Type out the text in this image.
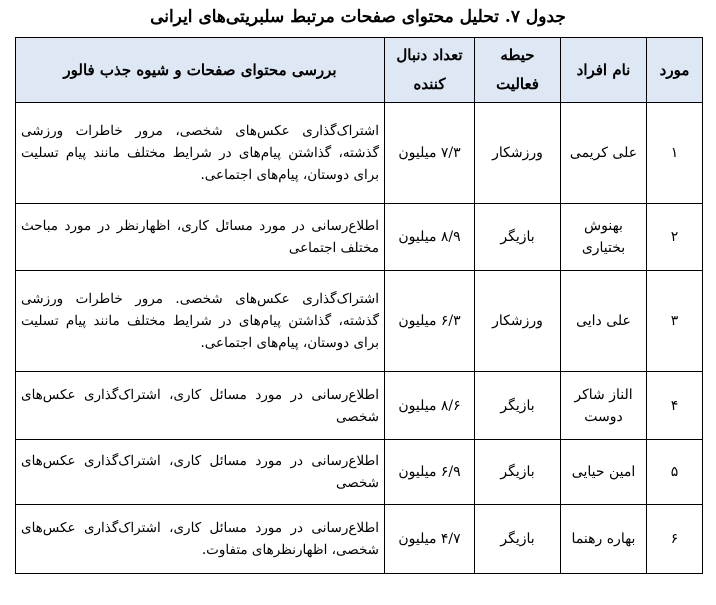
جدول ۷. تحلیل محتوای صفحات مرتبط سلبریتی‌های ایرانی
مورد	نام افراد	حیطه فعالیت	تعداد دنبال کننده	بررسی محتوای صفحات و شیوه جذب فالور
۱	علی کریمی	ورزشکار	۷/۳ میلیون	اشتراک‌گذاری عکس‌های شخصی، مرور خاطرات ورزشی گذشته، گذاشتن پیام‌های در شرایط مختلف مانند پیام تسلیت برای دوستان، پیام‌های اجتماعی.
۲	بهنوش بختیاری	بازیگر	۸/۹ میلیون	اطلاع‌رسانی در مورد مسائل کاری، اظهارنظر در مورد مباحث مختلف اجتماعی
۳	علی دایی	ورزشکار	۶/۳ میلیون	اشتراک‌گذاری عکس‌های شخصی. مرور خاطرات ورزشی گذشته، گذاشتن پیام‌های در شرایط مختلف مانند پیام تسلیت برای دوستان، پیام‌های اجتماعی.
۴	الناز شاکر دوست	بازیگر	۸/۶ میلیون	اطلاع‌رسانی در مورد مسائل کاری، اشتراک‌گذاری عکس‌های شخصی
۵	امین حیایی	بازیگر	۶/۹ میلیون	اطلاع‌رسانی در مورد مسائل کاری، اشتراک‌گذاری عکس‌های شخصی
۶	بهاره رهنما	بازیگر	۴/۷ میلیون	اطلاع‌رسانی در مورد مسائل کاری، اشتراک‌گذاری عکس‌های شخصی، اظهارنظرهای متفاوت.
